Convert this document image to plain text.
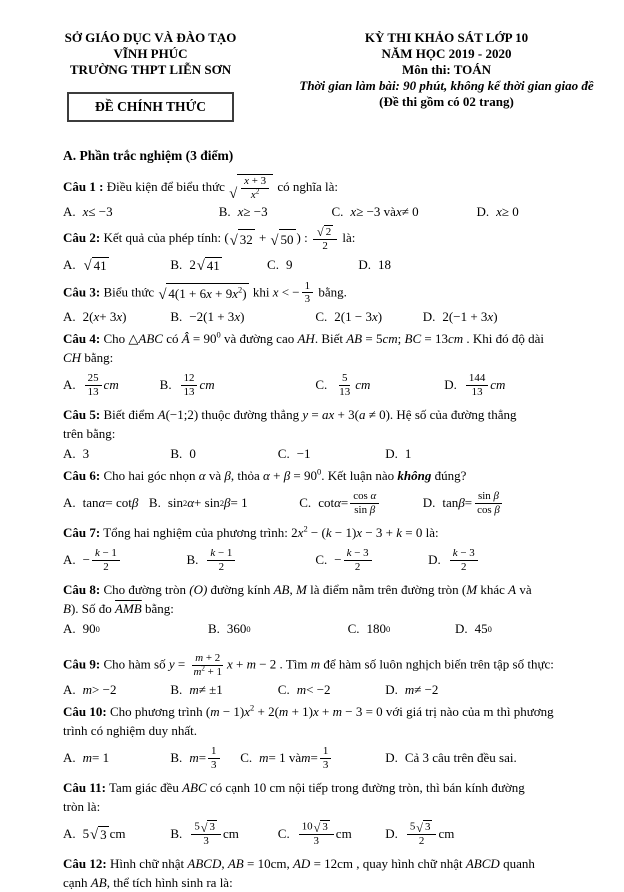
SỞ GIÁO DỤC VÀ ĐÀO TẠO
VĨNH PHÚC
TRƯỜNG THPT LIỄN SƠN
ĐỀ CHÍNH THỨC
KỲ THI KHẢO SÁT LỚP 10
NĂM HỌC 2019 - 2020
Môn thi: TOÁN
Thời gian làm bài: 90 phút, không kể thời gian giao đề
(Đề thi gồm có 02 trang)
A. Phần trắc nghiệm (3 điểm)
Câu 1 : Điều kiện để biểu thức √ $\frac{x + 3}{x^2}$ có nghĩa là:
A. x ≤ −3	B. x ≥ −3	C. x ≥ −3 và x ≠ 0	D. x ≥ 0
Câu 2: Kết quả của phép tính: ( √ 32 + √ 50 ) : $\frac{√ 2}{2}$ là:
A. √ 41	B. 2 √ 41	C. 9	D. 18
Câu 3: Biểu thức √ $4(1 + 6x + 9x^2)$ khi x < − $\frac{1}{3}$ bằng.
A. 2( x + 3 x )	B. −2(1 + 3 x )	C. 2(1 − 3 x )	D. 2(−1 + 3 x )
Câu 4: Cho △ABC có Â = $90^0$ và đường cao AH. Biết AB = 5cm; BC = 13cm . Khi đó độ dài
CH bằng:
A. $\frac{25}{13}$ cm	B. $\frac{12}{13}$ cm	C. $\frac{5}{13}$ cm	D. $\frac{144}{13}$ cm
Câu 5: Biết điểm A(−1;2) thuộc đường thẳng y = ax + 3(a ≠ 0). Hệ số của đường thẳng
trên bằng:
A. 3	B. 0	C. −1	D. 1
Câu 6: Cho hai góc nhọn α và β, thỏa $\alpha + \beta = 90^0$. Kết luận nào không đúng?
A. tan α = cot β B. sin 2 α + sin 2 β = 1	C. $\cot \alpha = \frac{\text{cos α}}{\text{sin β}}$	D. $\tan \beta = \frac{\text{sin β}}{\text{cos β}}$
Câu 7: Tổng hai nghiệm của phương trình: $2x^2 - (k - 1)x - 3 + k = 0$ là:
A. − $\frac{k - 1}{2}$	B. $\frac{k - 1}{2}$	C. − $\frac{k - 3}{2}$	D. $\frac{k - 3}{2}$
Câu 8: Cho đường tròn (O) đường kính AB, M là điểm nằm trên đường tròn (M khác A và
B). Số đo $\overline{AMB}$ bằng:
A. 90 0	B. 360 0	C. 180 0	D. 45 0
Câu 9: Cho hàm số $y = \frac{m + 2}{m^2 + 1}$ x + m − 2 . Tìm m để hàm số luôn nghịch biến trên tập số thực:
A. m > −2	B. m ≠ ±1	C. m < −2	D. m ≠ −2
Câu 10: Cho phương trình $(m - 1)x^2 + 2(m + 1)x + m - 3 = 0$ với giá trị nào của m thì phương
trình có nghiệm duy nhất.
A. m = 1	B. $m = \frac{1}{3} C$. m = 1 và $m = \frac{1}{3}$	D. Cả 3 câu trên đều sai.
Câu 11: Tam giác đều ABC có cạnh 10 cm nội tiếp trong đường tròn, thì bán kính đường
tròn là:
A. 5 √ 3 cm	B. $\frac{5 √ 3}{3}$ cm	C. $\frac{10 √ 3}{3}$ cm	D. $\frac{5 √ 3}{2}$ cm
Câu 12: Hình chữ nhật ABCD, AB = 10cm, AD = 12cm , quay hình chữ nhật ABCD quanh
cạnh AB, thể tích hình sinh ra là:
